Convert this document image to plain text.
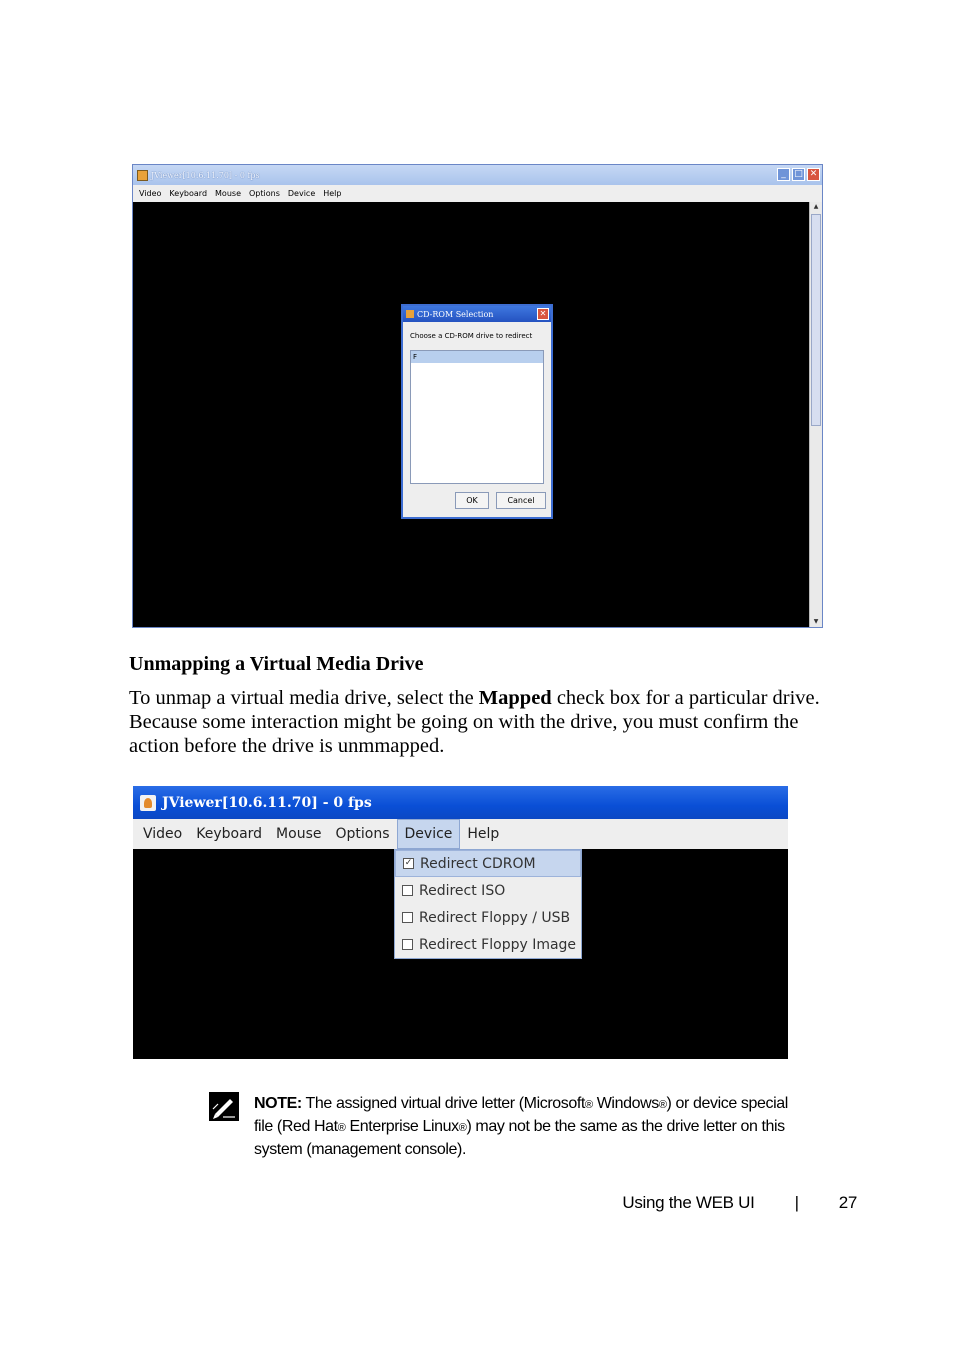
JViewer[10.6.11.70] - 0 fps	_ □ ✕
Video Keyboard Mouse Options Device Help
▲
▼
CD-ROM Selection	✕
Choose a CD-ROM drive to redirect
F
OK	Cancel
Unmapping a Virtual Media Drive

To unmap a virtual media drive, select the Mapped check box for a particular drive. Because some interaction might be going on with the drive, you must confirm the action before the drive is unmmapped.

JViewer[10.6.11.70] - 0 fps
Video	Keyboard	Mouse	Options	Device	Help
✓ Redirect CDROM
Redirect ISO
Redirect Floppy / USB
Redirect Floppy Image

NOTE: The assigned virtual drive letter (Microsoft® Windows®) or device special file (Red Hat® Enterprise Linux®) may not be the same as the drive letter on this system (management console).

Using the WEB UI | 27
